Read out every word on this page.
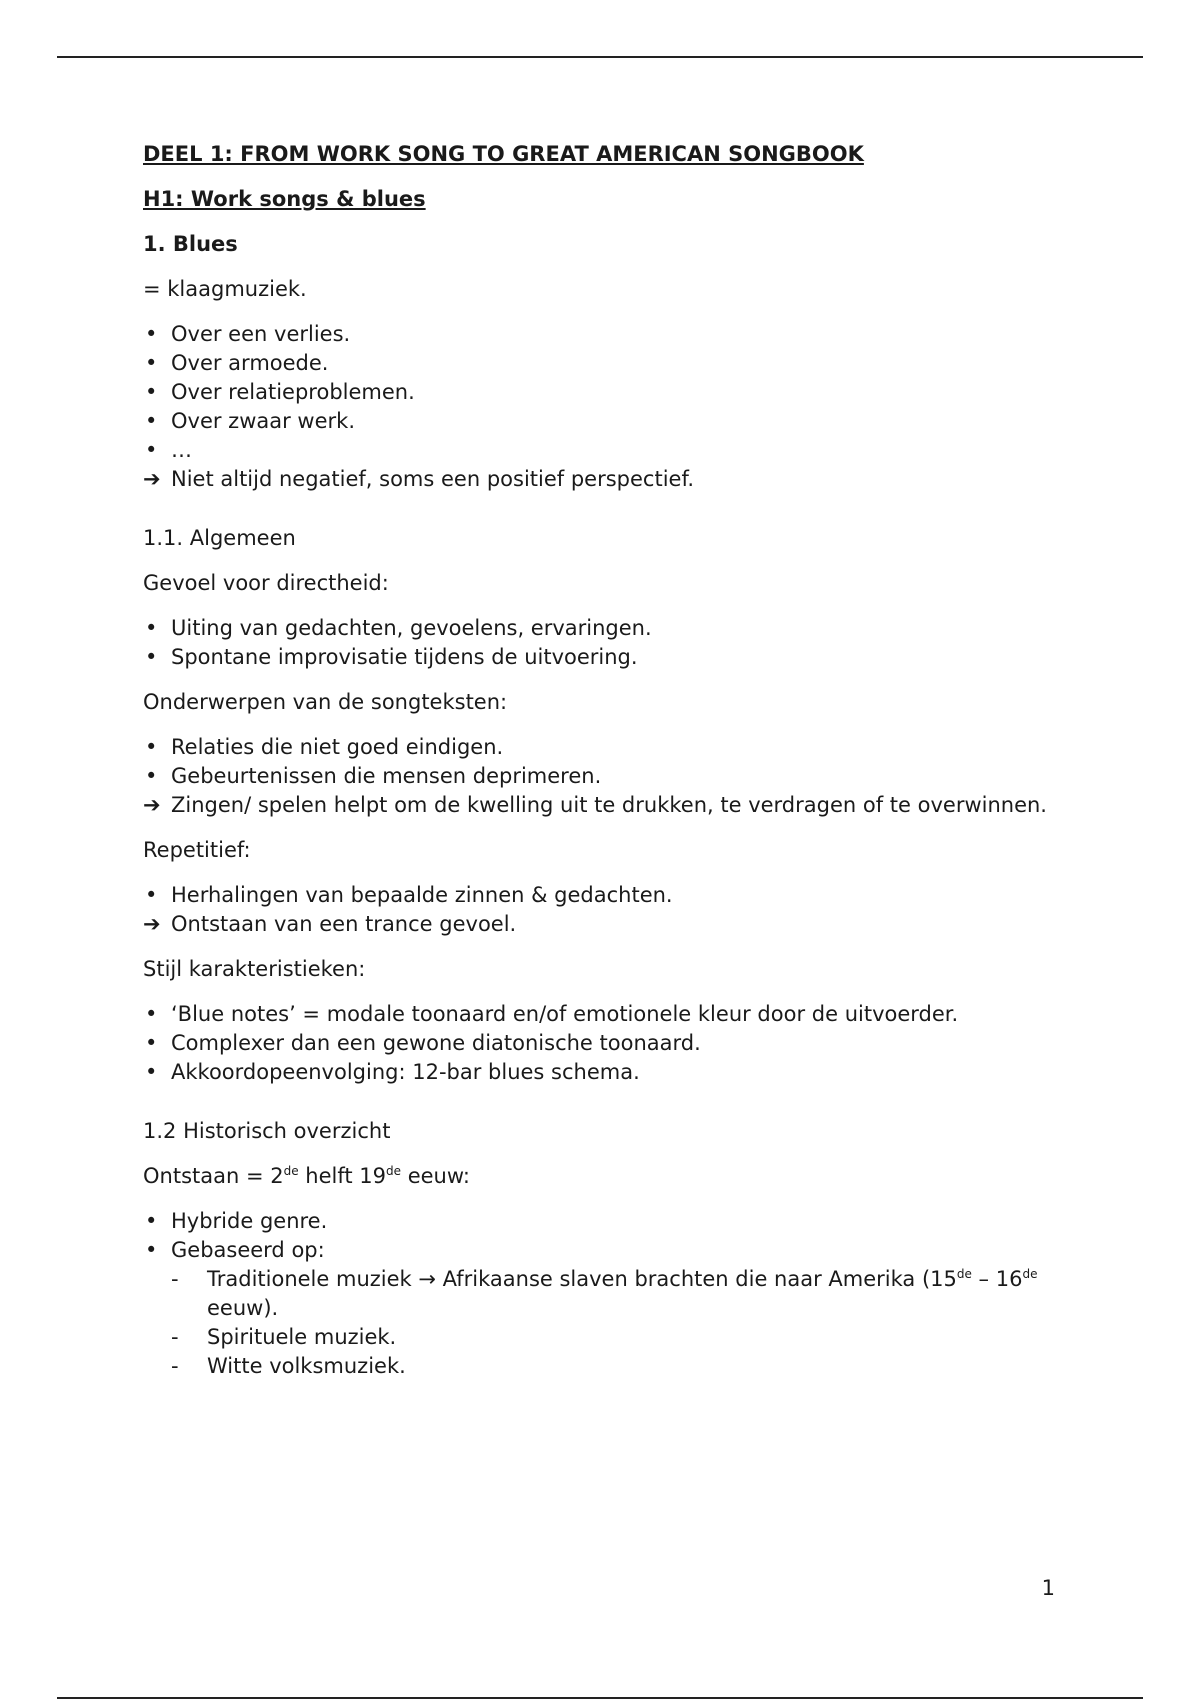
DEEL 1: FROM WORK SONG TO GREAT AMERICAN SONGBOOK

H1: Work songs & blues

1. Blues

= klaagmuziek.

• Over een verlies.
• Over armoede.
• Over relatieproblemen.
• Over zwaar werk.
• …
➔ Niet altijd negatief, soms een positief perspectief.

1.1. Algemeen

Gevoel voor directheid:

• Uiting van gedachten, gevoelens, ervaringen.
• Spontane improvisatie tijdens de uitvoering.

Onderwerpen van de songteksten:

• Relaties die niet goed eindigen.
• Gebeurtenissen die mensen deprimeren.
➔ Zingen/ spelen helpt om de kwelling uit te drukken, te verdragen of te overwinnen.

Repetitief:

• Herhalingen van bepaalde zinnen & gedachten.
➔ Ontstaan van een trance gevoel.

Stijl karakteristieken:

• ‘Blue notes’ = modale toonaard en/of emotionele kleur door de uitvoerder.
• Complexer dan een gewone diatonische toonaard.
• Akkoordopeenvolging: 12-bar blues schema.

1.2 Historisch overzicht

Ontstaan = 2de helft 19de eeuw:

• Hybride genre.
• Gebaseerd op:
- Traditionele muziek → Afrikaanse slaven brachten die naar Amerika (15de – 16de eeuw).
- Spirituele muziek.
- Witte volksmuziek.
1
